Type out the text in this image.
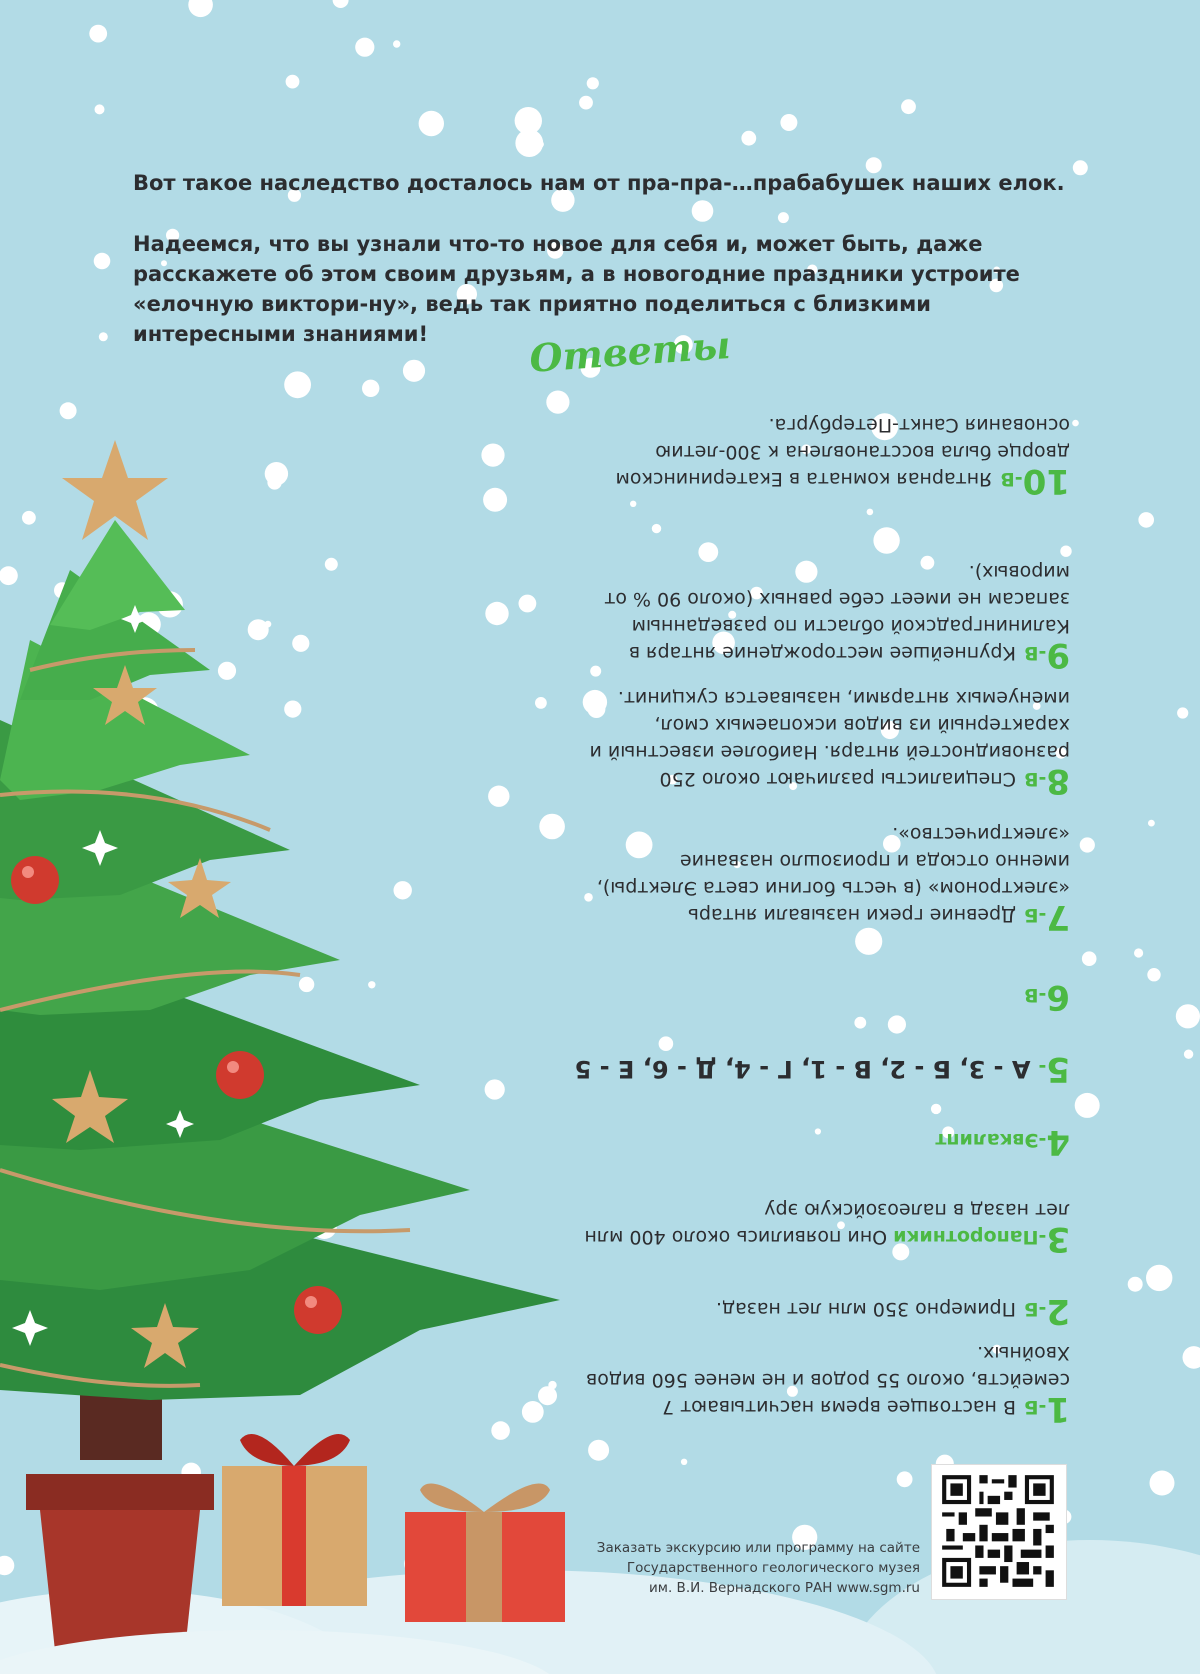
Вот такое наследство досталось нам от пра-пра-…прабабушек наших елок.

Надеемся, что вы узнали что-то новое для себя и, может быть, даже расскажете об этом своим друзьям, а в новогодние праздники устроите «елочную виктори-ну», ведь так приятно поделиться с близкими интересными знаниями!	Ответы
10-ВЯнтарная комната в Екатерининском дворце была восстановлена к 300-летию основания Санкт-Петербурга.
9-ВКрупнейшее месторождение янтаря в Калининградской области по разведанным запасам не имеет себе равных (около 90 % от мировых).
8-ВСпециалисты различают около 250 разновидностей янтаря. Наиболее известный и характерный из видов ископаемых смол, именуемых янтарями, называется сукцинит.
7-БДревние греки называли янтарь «электроном» (в честь богини света Электры), именно отсюда и произошло название «электричество».
6-В
5-А - 3, Б - 2, В - 1, Г - 4, Д - 6, Е - 5
4-Эвкалипт
3-Папоротники Они появились около 400 млн лет назад в палеозойскую эру
2-БПримерно 350 млн лет назад.
1-БВ настоящее время насчитывают 7 семейств, около 55 родов и не менее 560 видов Хвойных.
Заказать экскурсию или программу на сайте
Государственного геологического музея
им. В.И. Вернадского РАН www.sgm.ru
